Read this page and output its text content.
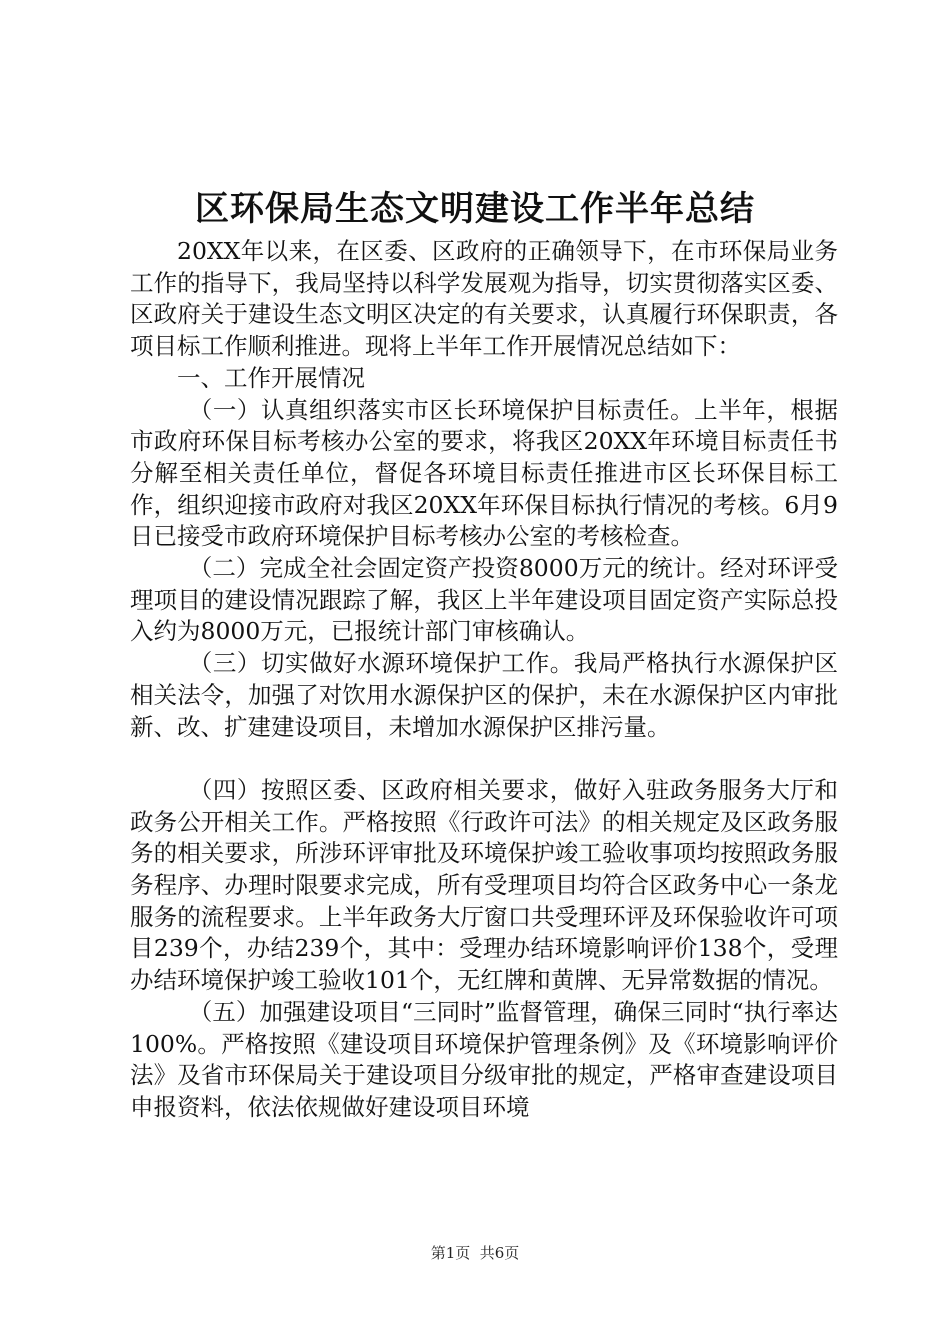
区环保局生态文明建设工作半年总结

20XX年以来，在区委、区政府的正确领导下，在市环保局业务工作的指导下，我局坚持以科学发展观为指导，切实贯彻落实区委、区政府关于建设生态文明区决定的有关要求，认真履行环保职责，各项目标工作顺利推进。现将上半年工作开展情况总结如下：

一、工作开展情况

（一）认真组织落实市区长环境保护目标责任。上半年，根据市政府环保目标考核办公室的要求，将我区20XX年环境目标责任书分解至相关责任单位，督促各环境目标责任推进市区长环保目标工作，组织迎接市政府对我区20XX年环保目标执行情况的考核。6月9日已接受市政府环境保护目标考核办公室的考核检查。

（二）完成全社会固定资产投资8000万元的统计。经对环评受理项目的建设情况跟踪了解，我区上半年建设项目固定资产实际总投入约为8000万元，已报统计部门审核确认。

（三）切实做好水源环境保护工作。我局严格执行水源保护区相关法令，加强了对饮用水源保护区的保护，未在水源保护区内审批新、改、扩建建设项目，未增加水源保护区排污量。

（四）按照区委、区政府相关要求，做好入驻政务服务大厅和政务公开相关工作。严格按照《行政许可法》的相关规定及区政务服务的相关要求，所涉环评审批及环境保护竣工验收事项均按照政务服务程序、办理时限要求完成，所有受理项目均符合区政务中心一条龙服务的流程要求。上半年政务大厅窗口共受理环评及环保验收许可项目239个，办结239个，其中：受理办结环境影响评价138个，受理办结环境保护竣工验收101个，无红牌和黄牌、无异常数据的情况。

（五）加强建设项目“三同时”监督管理，确保三同时“执行率达100%。严格按照《建设项目环境保护管理条例》及《环境影响评价法》及省市环保局关于建设项目分级审批的规定，严格审查建设项目申报资料，依法依规做好建设项目环境

第1页  共6页
